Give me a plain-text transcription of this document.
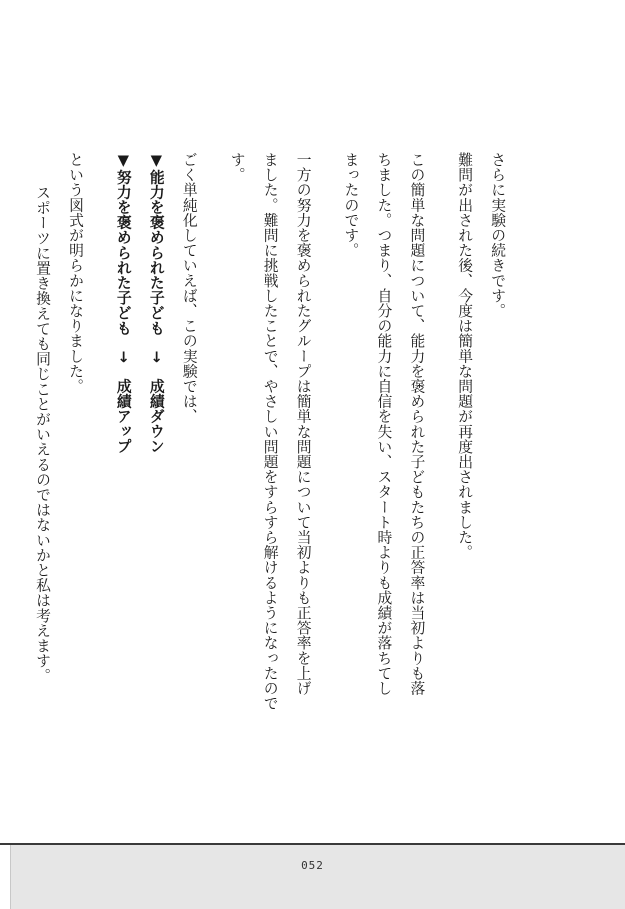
さらに実験の続きです。
難問が出された後、今度は簡単な問題が再度出されました。
この簡単な問題について、能力を褒められた子どもたちの正答率は当初よりも落
ちました。つまり、自分の能力に自信を失い、スタート時よりも成績が落ちてし
まったのです。
一方の努力を褒められたグループは簡単な問題について当初よりも正答率を上げ
ました。難問に挑戦したことで、やさしい問題をすらすら解けるようになったので
す。
ごく単純化していえば、この実験では、
▼能力を褒められた子ども　→　成績ダウン
▼努力を褒められた子ども　→　成績アップ
という図式が明らかになりました。
スポーツに置き換えても同じことがいえるのではないかと私は考えます。
052
